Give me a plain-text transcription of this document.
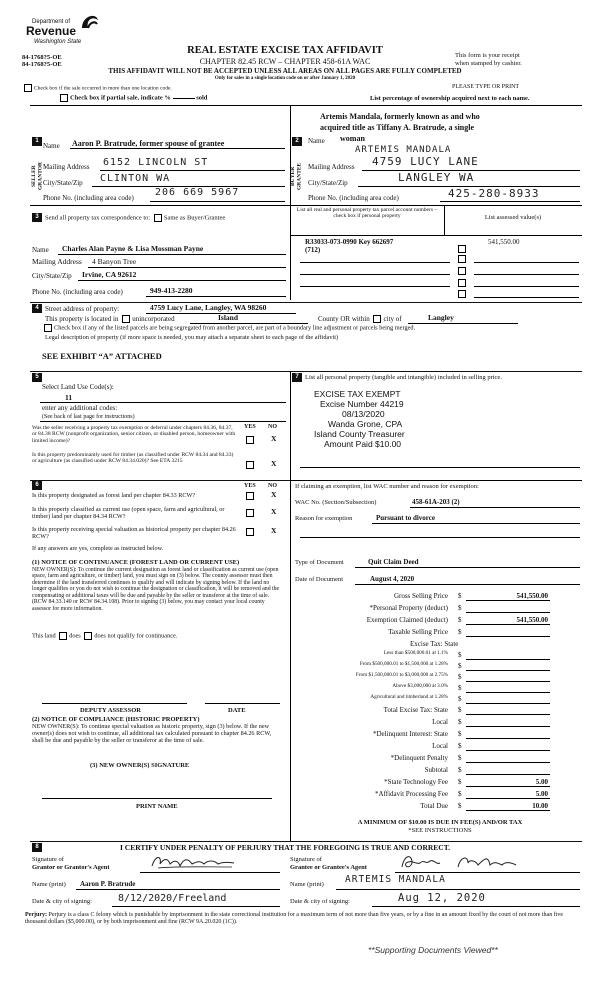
Department of
Revenue
Washington State
84-1768?5-OE
84-1768?5-OE
REAL ESTATE EXCISE TAX AFFIDAVIT
CHAPTER 82.45 RCW – CHAPTER 458-61A WAC
THIS AFFIDAVIT WILL NOT BE ACCEPTED UNLESS ALL AREAS ON ALL PAGES ARE FULLY COMPLETED
Only for sales in a single location code on or after January 1, 2020
This form is your receipt
when stamped by cashier.
PLEASE TYPE OR PRINT
Check box if the sale occurred in more than one location code.
Check box if partial sale, indicate %	sold	List percentage of ownership acquired next to each name.
1
SELLER GRANTOR
Name Aaron P. Bratrude, former spouse of grantee
Mailing Address 6152 LINCOLN ST
City/State/Zip CLINTON WA
Phone No. (including area code) 206 669 5967
2
Artemis Mandala, formerly known as and who
acquired title as Tiffany A. Bratrude, a single
Name woman
ARTEMIS MANDALA
BUYER GRANTEE Mailing Address 4759 LUCY LANE
City/State/Zip	LANGLEY WA
Phone No. (including area code)	425-280-8933
3 Send all property tax correspondence to: Same as Buyer/Grantee
List all real and personal property tax parcel account numbers – check box if personal property	List assessed value(s)
R33033-073-0990 Key 662697
(712)
541,550.00
Name Charles Alan Payne & Lisa Mossman Payne
Mailing Address 4 Banyon Tree
City/State/Zip Irvine, CA 92612
Phone No. (including area code)	949-413-2280
4 Street address of property:	4759 Lucy Lane, Langley, WA 98260
This property is located in unincorporated	Island	County OR within city of	Langley
Check box if any of the listed parcels are being segregated from another parcel, are part of a boundary line adjustment or parcels being merged.
Legal description of property (if more space is needed, you may attach a separate sheet to each page of the affidavit)
SEE EXHIBIT “A” ATTACHED
5
Select Land Use Code(s):
11
enter any additional codes:
(See back of last page for instructions)
YES NO
Was the seller receiving a property tax exemption or deferral under chapters 84.36, 84.37, or 84.38 RCW (nonprofit organization, senior citizen, or disabled person, homeowner with limited income)?	X
Is this property predominantly used for timber (as classified under RCW 84.34 and 84.33) or agriculture (as classified under RCW 84.34.020)? See ETA 3215	X
6	YES NO
Is this property designated as forest land per chapter 84.33 RCW?	X
Is this property classified as current use (open space, farm and agricultural, or timber) land per chapter 84.34 RCW?
X
Is this property receiving special valuation as historical property per chapter 84.26 RCW?
X
If any answers are yes, complete as instructed below.
(1) NOTICE OF CONTINUANCE (FOREST LAND OR CURRENT USE)
NEW OWNER(S): To continue the current designation as forest land or classification as current use (open space, farm and agriculture, or timber) land, you must sign on (3) below. The county assessor must then determine if the land transferred continues to qualify and will indicate by signing below. If the land no longer qualifies or you do not wish to continue the designation or classification, it will be removed and the compensating or additional taxes will be due and payable by the seller or transferor at the time of sale. (RCW 84.33.140 or RCW 84.34.108). Prior to signing (3) below, you may contact your local county assessor for more information.
This land does does not qualify for continuance.
DEPUTY ASSESSOR	DATE
(2) NOTICE OF COMPLIANCE (HISTORIC PROPERTY)
NEW OWNER(S): To continue special valuation as historic property, sign (3) below. If the new owner(s) does not wish to continue, all additional tax calculated pursuant to chapter 84.26 RCW, shall be due and payable by the seller or transferor at the time of sale.
(3) NEW OWNER(S) SIGNATURE
PRINT NAME
7 List all personal property (tangible and intangible) included in selling price.
EXCISE TAX EXEMPT
Excise Number 44219
08/13/2020
Wanda Grone, CPA
Island County Treasurer
Amount Paid $10.00
If claiming an exemption, list WAC number and reason for exemption:
WAC No. (Section/Subsection)	458-61A-203 (2)
Reason for exemption	Pursuant to divorce
Type of Document	Quit Claim Deed
Date of Document	August 4, 2020
Gross Selling Price $	541,550.00
*Personal Property (deduct) $
Exemption Claimed (deduct) $	541,550.00
Taxable Selling Price $
Excise Tax: State
Less than $500,000.01 at 1.1% $
From $500,000.01 to $1,500,000 at 1.28% $
From $1,500,000.01 to $3,000,000 at 2.75% $
Above $3,000,000 at 3.0% $
Agricultural and timberland at 1.28% $
Total Excise Tax: State $
Local $
*Delinquent Interest: State $
Local $
*Delinquent Penalty $
Subtotal $
*State Technology Fee $	5.00
*Affidavit Processing Fee $	5.00
Total Due $	10.00
A MINIMUM OF $10.00 IS DUE IN FEE(S) AND/OR TAX
*SEE INSTRUCTIONS
8	I CERTIFY UNDER PENALTY OF PERJURY THAT THE FOREGOING IS TRUE AND CORRECT.
Signature of
Grantor or Grantor's Agent
Name (print) Aaron P. Bratrude
Date & city of signing:	8/12/2020/Freeland
Signature of
Grantee or Grantee's Agent
Name (print) ARTEMIS MANDALA
Date & city of signing:	Aug 12, 2020
Perjury: Perjury is a class C felony which is punishable by imprisonment in the state correctional institution for a maximum term of not more than five years, or by a fine in an amount fixed by the court of not more than five thousand dollars ($5,000.00), or by both imprisonment and fine (RCW 9A.20.020 (1C)).
**Supporting Documents Viewed**
